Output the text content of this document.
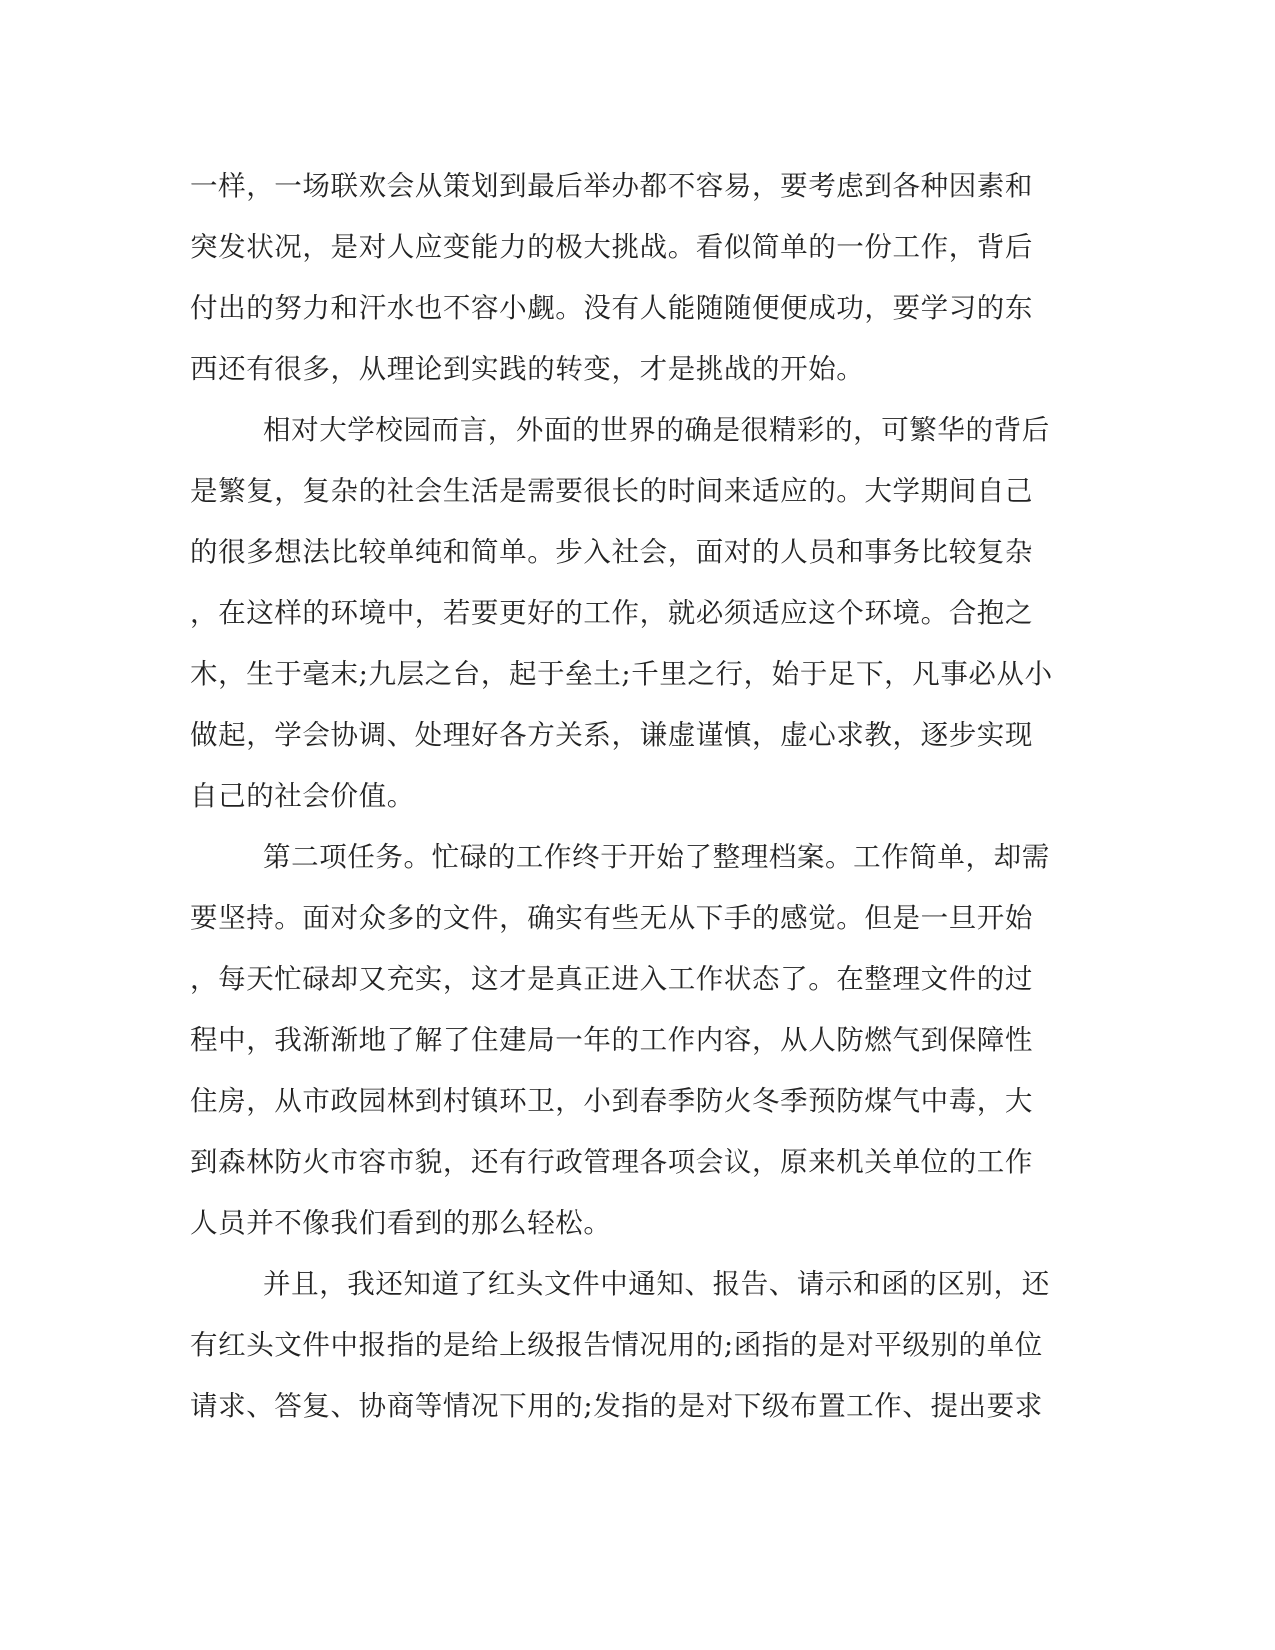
一样，一场联欢会从策划到最后举办都不容易，要考虑到各种因素和
突发状况，是对人应变能力的极大挑战。看似简单的一份工作，背后
付出的努力和汗水也不容小觑。没有人能随随便便成功，要学习的东
西还有很多，从理论到实践的转变，才是挑战的开始。
相对大学校园而言，外面的世界的确是很精彩的，可繁华的背后
是繁复，复杂的社会生活是需要很长的时间来适应的。大学期间自己
的很多想法比较单纯和简单。步入社会，面对的人员和事务比较复杂
，在这样的环境中，若要更好的工作，就必须适应这个环境。合抱之
木，生于毫末;九层之台，起于垒土;千里之行，始于足下，凡事必从小
做起，学会协调、处理好各方关系，谦虚谨慎，虚心求教，逐步实现
自己的社会价值。
第二项任务。忙碌的工作终于开始了整理档案。工作简单，却需
要坚持。面对众多的文件，确实有些无从下手的感觉。但是一旦开始
，每天忙碌却又充实，这才是真正进入工作状态了。在整理文件的过
程中，我渐渐地了解了住建局一年的工作内容，从人防燃气到保障性
住房，从市政园林到村镇环卫，小到春季防火冬季预防煤气中毒，大
到森林防火市容市貌，还有行政管理各项会议，原来机关单位的工作
人员并不像我们看到的那么轻松。
并且，我还知道了红头文件中通知、报告、请示和函的区别，还
有红头文件中报指的是给上级报告情况用的;函指的是对平级别的单位
请求、答复、协商等情况下用的;发指的是对下级布置工作、提出要求
